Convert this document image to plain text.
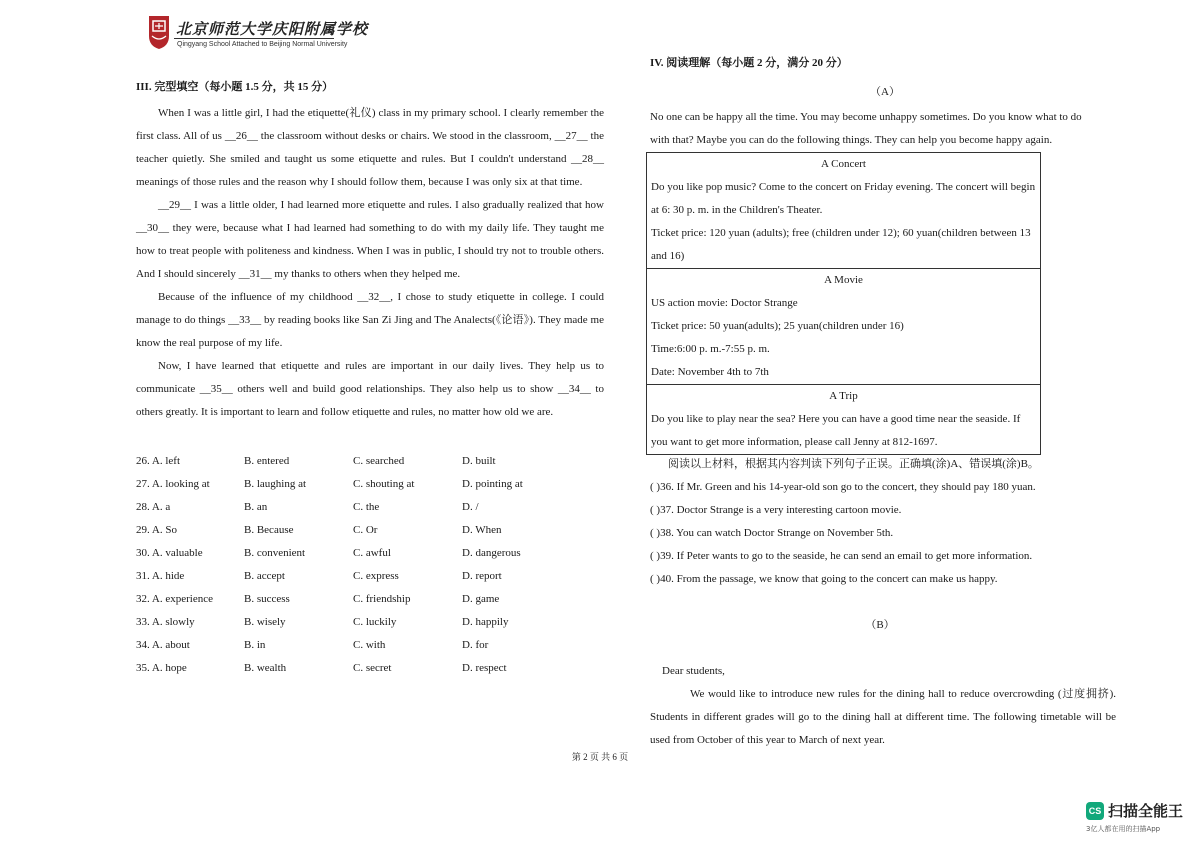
北京师范大学庆阳附属学校
Qingyang School Attached to Beijing Normal University
III. 完型填空（每小题 1.5 分，共 15 分）

When I was a little girl, I had the etiquette(礼仪) class in my primary school. I clearly remember the first class. All of us __26__ the classroom without desks or chairs. We stood in the classroom, __27__ the teacher quietly. She smiled and taught us some etiquette and rules. But I couldn't understand __28__ meanings of those rules and the reason why I should follow them, because I was only six at that time.

__29__ I was a little older, I had learned more etiquette and rules. I also gradually realized that how __30__ they were, because what I had learned had something to do with my daily life. They taught me how to treat people with politeness and kindness. When I was in public, I should try not to trouble others. And I should sincerely __31__ my thanks to others when they helped me.

Because of the influence of my childhood __32__, I chose to study etiquette in college. I could manage to do things __33__ by reading books like San Zi Jing and The Analects(《论语》). They made me know the real purpose of my life.

Now, I have learned that etiquette and rules are important in our daily lives. They help us to communicate __35__ others well and build good relationships. They also help us to show __34__ to others greatly. It is important to learn and follow etiquette and rules, no matter how old we are.

26. A. left	B. entered	C. searched	D. built
27. A. looking at	B. laughing at	C. shouting at	D. pointing at
28. A. a	B. an	C. the	D. /
29. A. So	B. Because	C. Or	D. When
30. A. valuable	B. convenient	C. awful	D. dangerous
31. A. hide	B. accept	C. express	D. report
32. A. experience	B. success	C. friendship	D. game
33. A. slowly	B. wisely	C. luckily	D. happily
34. A. about	B. in	C. with	D. for
35. A. hope	B. wealth	C. secret	D. respect
IV. 阅读理解（每小题 2 分，满分 20 分）
（A）
No one can be happy all the time. You may become unhappy sometimes. Do you know what to do with that? Maybe you can do the following things. They can help you become happy again.
A Concert
Do you like pop music? Come to the concert on Friday evening. The concert will begin at 6: 30 p. m. in the Children's Theater.
Ticket price: 120 yuan (adults); free (children under 12); 60 yuan(children between 13 and 16)
A Movie
US action movie: Doctor Strange
Ticket price: 50 yuan(adults); 25 yuan(children under 16)
Time:6:00 p. m.-7:55 p. m.
Date: November 4th to 7th
A Trip
Do you like to play near the sea? Here you can have a good time near the seaside. If you want to get more information, please call Jenny at 812-1697.
阅读以上材料，根据其内容判读下列句子正误。正确填(涂)A、错误填(涂)B。
( )36. If Mr. Green and his 14-year-old son go to the concert, they should pay 180 yuan.
( )37. Doctor Strange is a very interesting cartoon movie.
( )38. You can watch Doctor Strange on November 5th.
( )39. If Peter wants to go to the seaside, he can send an email to get more information.
( )40. From the passage, we know that going to the concert can make us happy.
（B）
Dear students,

We would like to introduce new rules for the dining hall to reduce overcrowding (过度拥挤). Students in different grades will go to the dining hall at different time. The following timetable will be used from October of this year to March of next year.

第 2 页 共 6 页
CS 扫描全能王
3亿人都在用的扫描App
